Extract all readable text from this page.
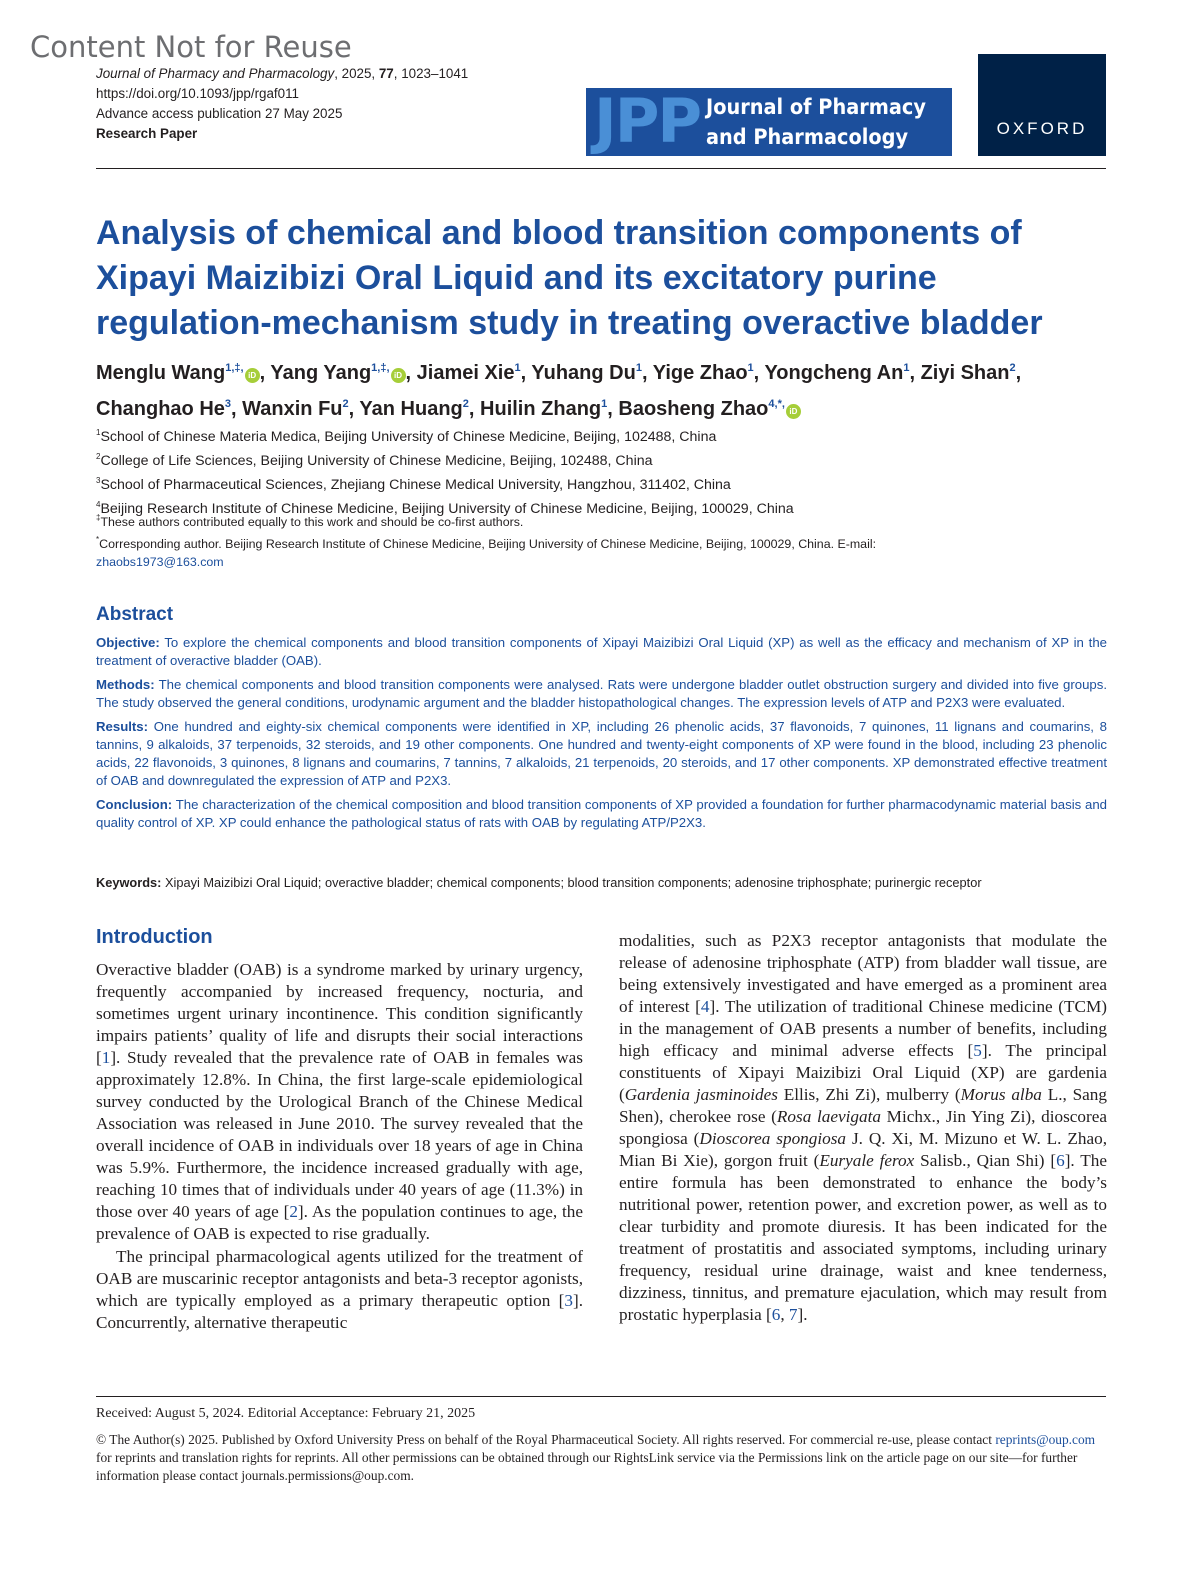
Content Not for Reuse
Journal of Pharmacy and Pharmacology, 2025, 77, 1023–1041
https://doi.org/10.1093/jpp/rgaf011
Advance access publication 27 May 2025
Research Paper	JPP Journal of Pharmacy
and Pharmacology	OXFORD
Analysis of chemical and blood transition components of Xipayi Maizibizi Oral Liquid and its excitatory purine regulation-mechanism study in treating overactive bladder
Menglu Wang$^{1,\ddagger,}$iD , Yang Yang$^{1,\ddagger,}$iD , Jiamei Xie$^1$, Yuhang Du$^1$, Yige Zhao$^1$, Yongcheng An$^1$, Ziyi Shan$^2$,
Changhao He$^3$, Wanxin Fu$^2$, Yan Huang$^2$, Huilin Zhang$^1$, Baosheng Zhao$^{4,*,}$iD
$^1$School of Chinese Materia Medica, Beijing University of Chinese Medicine, Beijing, 102488, China
$^2$College of Life Sciences, Beijing University of Chinese Medicine, Beijing, 102488, China
$^3$School of Pharmaceutical Sciences, Zhejiang Chinese Medical University, Hangzhou, 311402, China
$^4$Beijing Research Institute of Chinese Medicine, Beijing University of Chinese Medicine, Beijing, 100029, China
‡These authors contributed equally to this work and should be co-first authors.
*Corresponding author. Beijing Research Institute of Chinese Medicine, Beijing University of Chinese Medicine, Beijing, 100029, China. E-mail:
zhaobs1973@163.com
Abstract

Objective: To explore the chemical components and blood transition components of Xipayi Maizibizi Oral Liquid (XP) as well as the efficacy and mechanism of XP in the treatment of overactive bladder (OAB).

Methods: The chemical components and blood transition components were analysed. Rats were undergone bladder outlet obstruction surgery and divided into five groups. The study observed the general conditions, urodynamic argument and the bladder histopathological changes. The expression levels of ATP and P2X3 were evaluated.

Results: One hundred and eighty-six chemical components were identified in XP, including 26 phenolic acids, 37 flavonoids, 7 quinones, 11 lignans and coumarins, 8 tannins, 9 alkaloids, 37 terpenoids, 32 steroids, and 19 other components. One hundred and twenty-eight components of XP were found in the blood, including 23 phenolic acids, 22 flavonoids, 3 quinones, 8 lignans and coumarins, 7 tannins, 7 alkaloids, 21 terpenoids, 20 steroids, and 17 other components. XP demonstrated effective treatment of OAB and downregulated the expression of ATP and P2X3.

Conclusion: The characterization of the chemical composition and blood transition components of XP provided a foundation for further pharmacodynamic material basis and quality control of XP. XP could enhance the pathological status of rats with OAB by regulating ATP/P2X3.

Keywords: Xipayi Maizibizi Oral Liquid; overactive bladder; chemical components; blood transition components; adenosine triphosphate; purinergic receptor
Introduction

Overactive bladder (OAB) is a syndrome marked by urinary urgency, frequently accompanied by increased frequency, nocturia, and sometimes urgent urinary incontinence. This condition significantly impairs patients’ quality of life and disrupts their social interactions [1]. Study revealed that the prevalence rate of OAB in females was approximately 12.8%. In China, the first large-scale epidemiological survey conducted by the Urological Branch of the Chinese Medical Association was released in June 2010. The survey revealed that the overall incidence of OAB in individuals over 18 years of age in China was 5.9%. Furthermore, the incidence increased gradually with age, reaching 10 times that of individuals under 40 years of age (11.3%) in those over 40 years of age [2]. As the population continues to age, the prevalence of OAB is expected to rise gradually.

The principal pharmacological agents utilized for the treatment of OAB are muscarinic receptor antagonists and beta-3 receptor agonists, which are typically employed as a primary therapeutic option [3]. Concurrently, alternative therapeutic

modalities, such as P2X3 receptor antagonists that modulate the release of adenosine triphosphate (ATP) from bladder wall tissue, are being extensively investigated and have emerged as a prominent area of interest [4]. The utilization of traditional Chinese medicine (TCM) in the management of OAB presents a number of benefits, including high efficacy and minimal adverse effects [5]. The principal constituents of Xipayi Maizibizi Oral Liquid (XP) are gardenia (Gardenia jasminoides Ellis, Zhi Zi), mulberry (Morus alba L., Sang Shen), cherokee rose (Rosa laevigata Michx., Jin Ying Zi), dioscorea spongiosa (Dioscorea spongiosa J. Q. Xi, M. Mizuno et W. L. Zhao, Mian Bi Xie), gorgon fruit (Euryale ferox Salisb., Qian Shi) [6]. The entire formula has been demonstrated to enhance the body’s nutritional power, retention power, and excretion power, as well as to clear turbidity and promote diuresis. It has been indicated for the treatment of prostatitis and associated symptoms, including urinary frequency, residual urine drainage, waist and knee tenderness, dizziness, tinnitus, and premature ejaculation, which may result from prostatic hyperplasia [6, 7].

Received: August 5, 2024. Editorial Acceptance: February 21, 2025
© The Author(s) 2025. Published by Oxford University Press on behalf of the Royal Pharmaceutical Society. All rights reserved. For commercial re-use, please contact reprints@oup.com for reprints and translation rights for reprints. All other permissions can be obtained through our RightsLink service via the Permissions link on the article page on our site—for further information please contact journals.permissions@oup.com.
